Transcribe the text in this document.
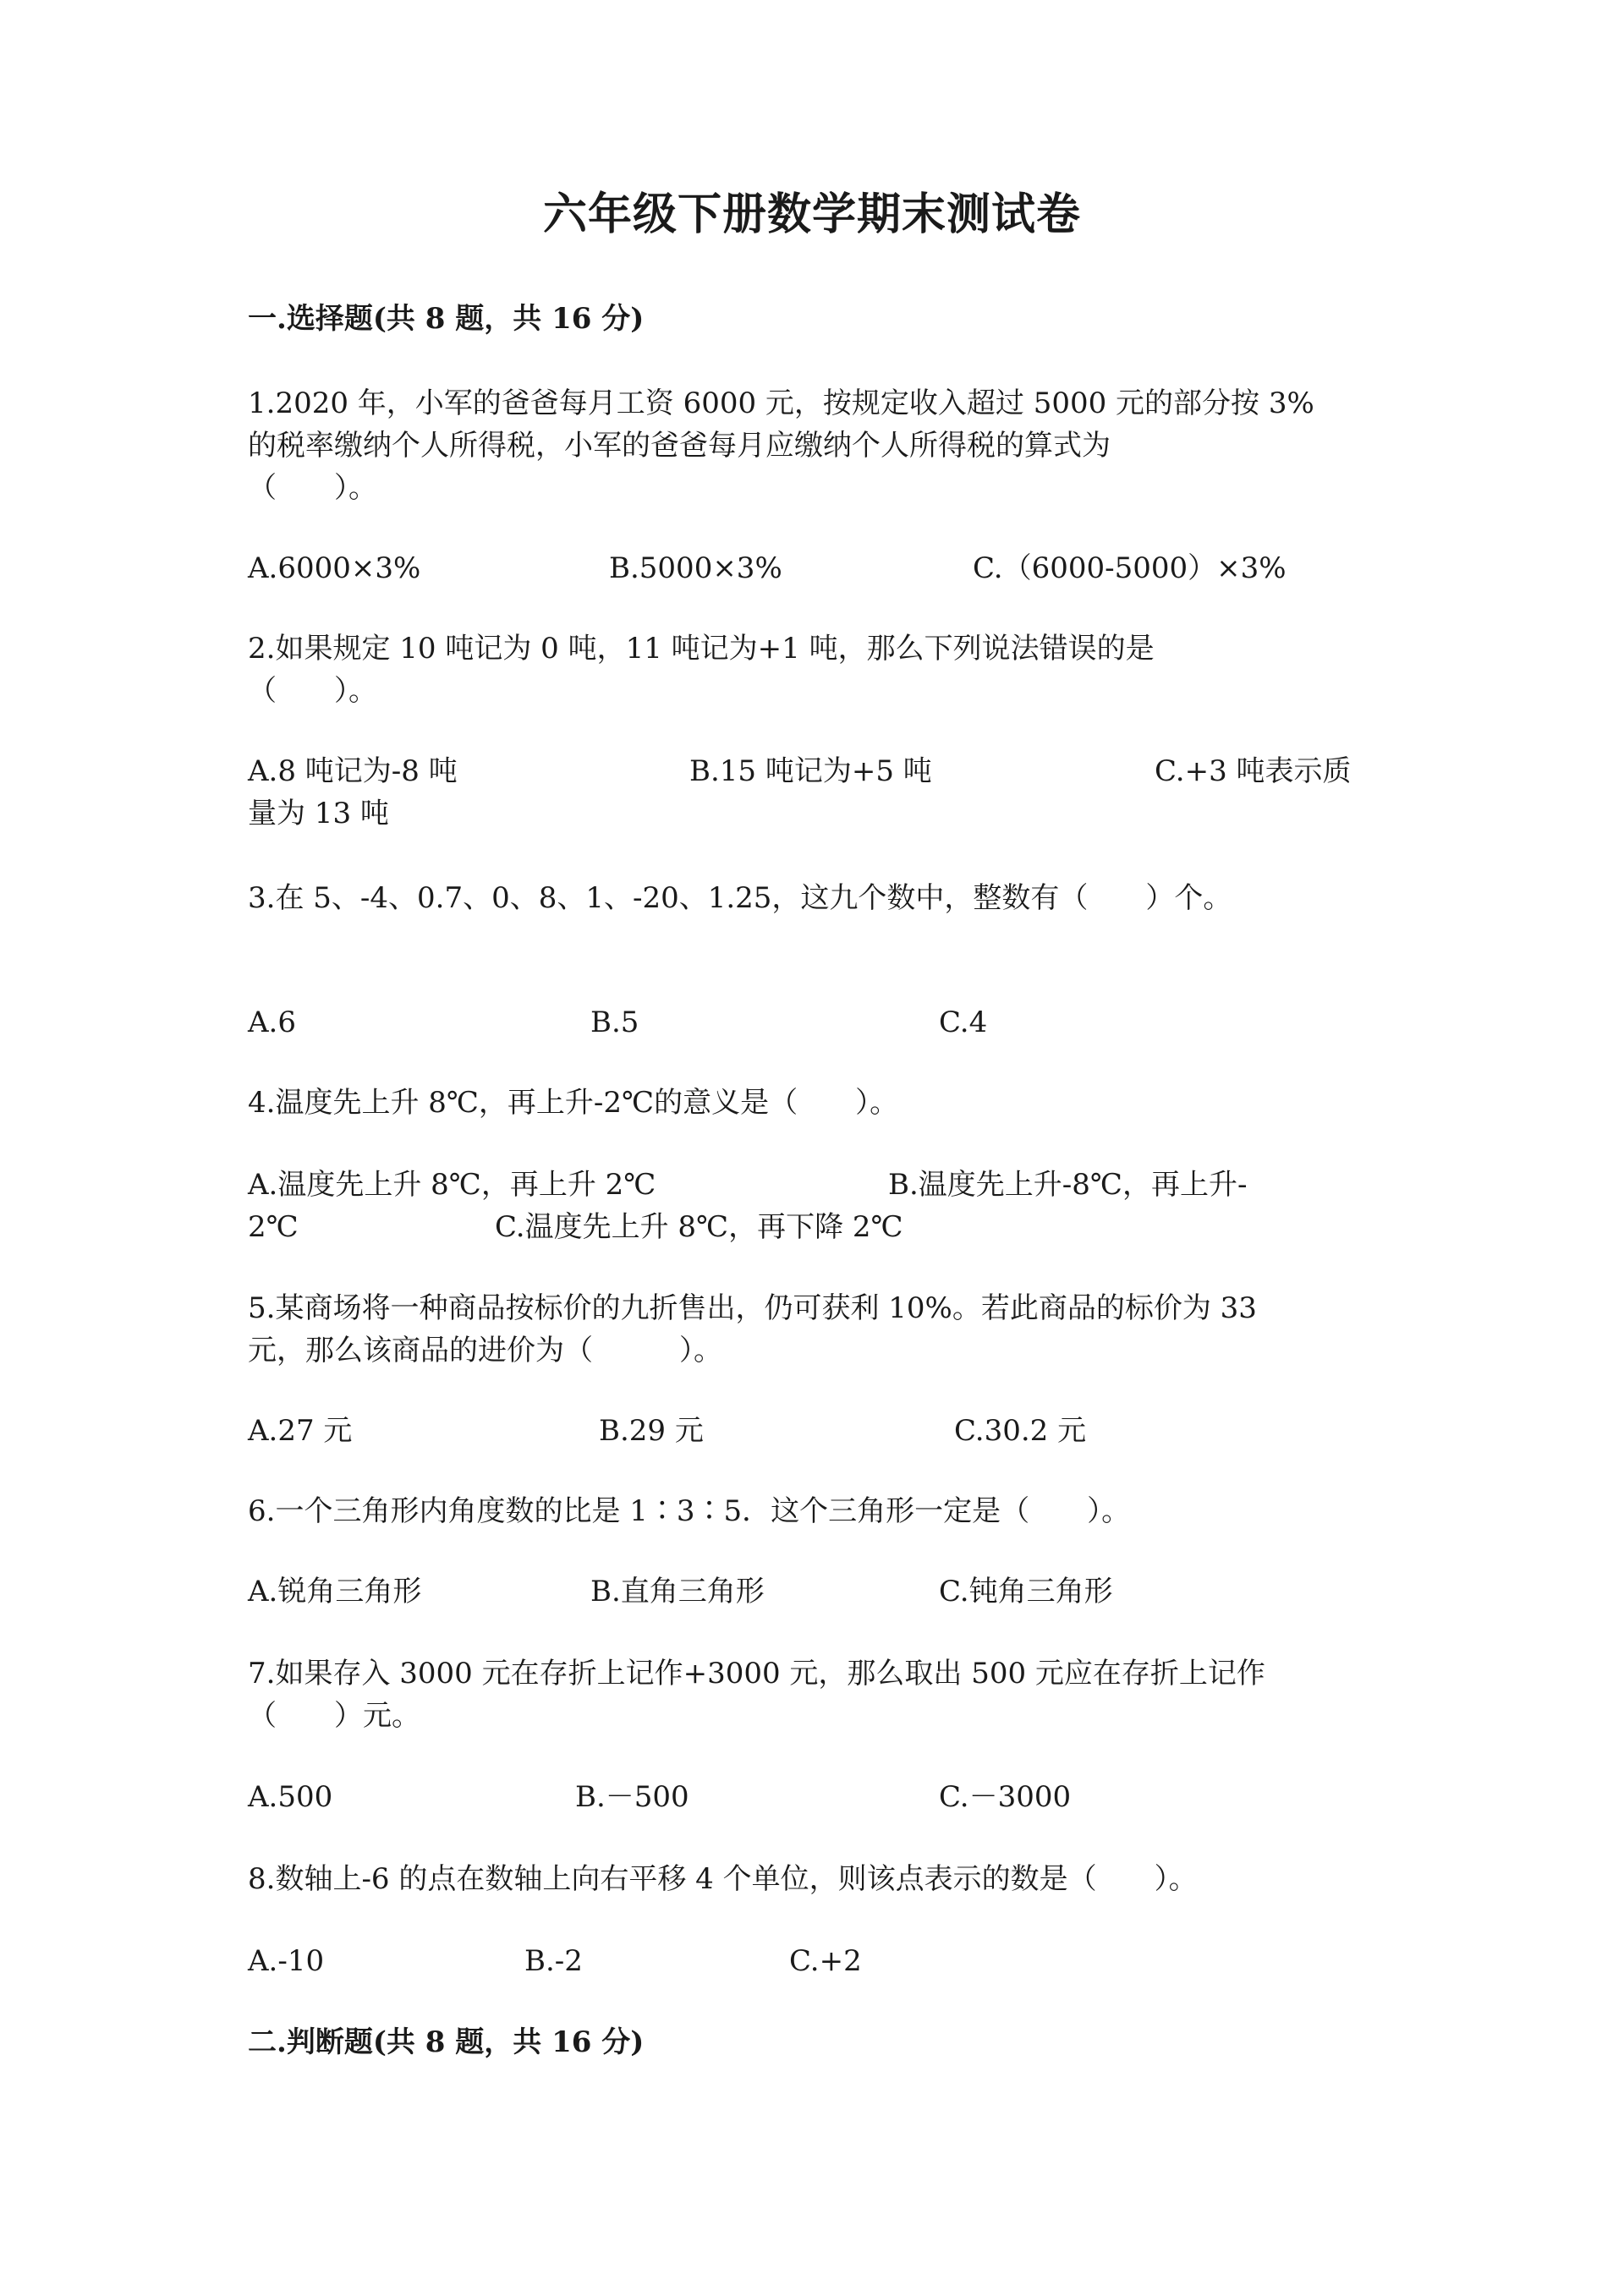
六年级下册数学期末测试卷
一.选择题(共 8 题，共 16 分)
1.2020 年，小军的爸爸每月工资 6000 元，按规定收入超过 5000 元的部分按 3%
的税率缴纳个人所得税，小军的爸爸每月应缴纳个人所得税的算式为
（　　）。
A.6000×3%	B.5000×3%	C.（6000-5000）×3%
2.如果规定 10 吨记为 0 吨，11 吨记为+1 吨，那么下列说法错误的是
（　　）。
A.8 吨记为-8 吨	B.15 吨记为+5 吨	C.+3 吨表示质
量为 13 吨
3.在 5、-4、0.7、0、8、1、-20、1.25，这九个数中，整数有（　　）个。
A.6	B.5	C.4
4.温度先上升 8℃，再上升-2℃的意义是（　　）。
A.温度先上升 8℃，再上升 2℃	B.温度先上升-8℃，再上升-
2℃	C.温度先上升 8℃，再下降 2℃
5.某商场将一种商品按标价的九折售出，仍可获利 10%。若此商品的标价为 33
元，那么该商品的进价为（　　　）。
A.27 元	B.29 元	C.30.2 元
6.一个三角形内角度数的比是 1∶3∶5．这个三角形一定是（　　）。
A.锐角三角形	B.直角三角形	C.钝角三角形
7.如果存入 3000 元在存折上记作+3000 元，那么取出 500 元应在存折上记作
（　　）元。
A.500	B.－500	C.－3000
8.数轴上-6 的点在数轴上向右平移 4 个单位，则该点表示的数是（　　）。
A.-10	B.-2	C.+2
二.判断题(共 8 题，共 16 分)
